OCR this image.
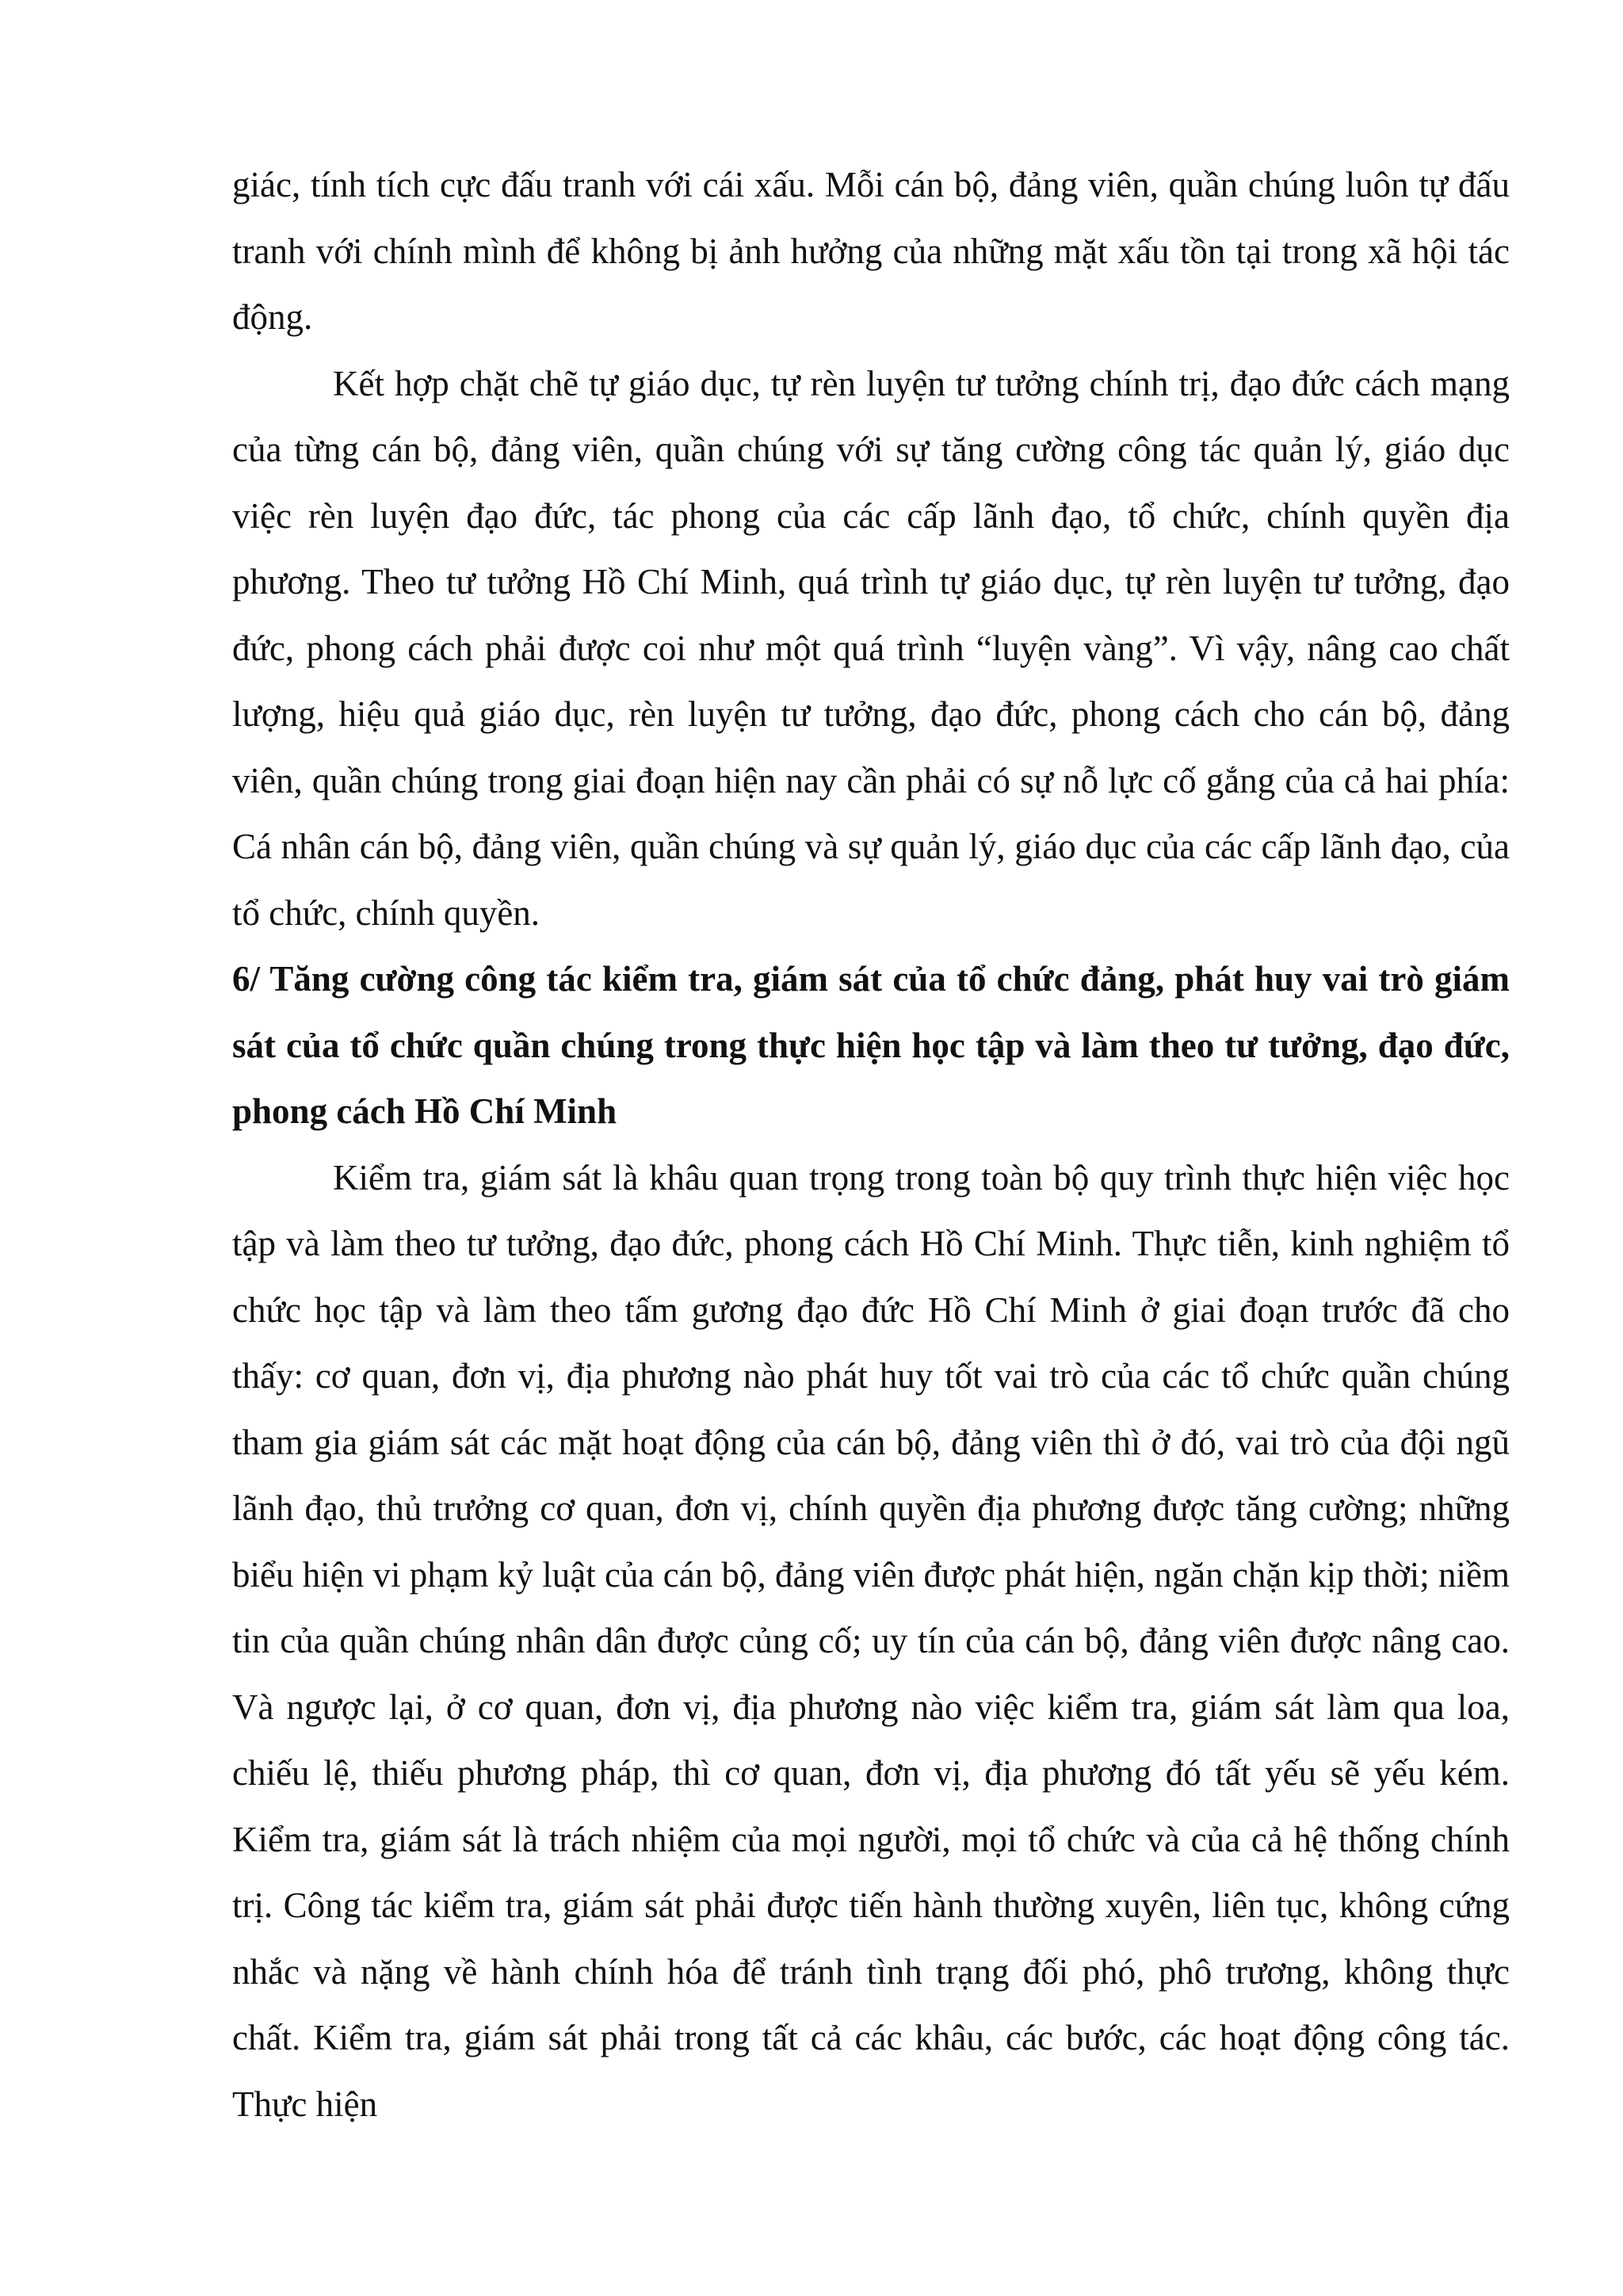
giác, tính tích cực đấu tranh với cái xấu. Mỗi cán bộ, đảng viên, quần chúng luôn tự đấu tranh với chính mình để không bị ảnh hưởng của những mặt xấu tồn tại trong xã hội tác động.

Kết hợp chặt chẽ tự giáo dục, tự rèn luyện tư tưởng chính trị, đạo đức cách mạng của từng cán bộ, đảng viên, quần chúng với sự tăng cường công tác quản lý, giáo dục việc rèn luyện đạo đức, tác phong của các cấp lãnh đạo, tổ chức, chính quyền địa phương. Theo tư tưởng Hồ Chí Minh, quá trình tự giáo dục, tự rèn luyện tư tưởng, đạo đức, phong cách phải được coi như một quá trình “luyện vàng”. Vì vậy, nâng cao chất lượng, hiệu quả giáo dục, rèn luyện tư tưởng, đạo đức, phong cách cho cán bộ, đảng viên, quần chúng trong giai đoạn hiện nay cần phải có sự nỗ lực cố gắng của cả hai phía: Cá nhân cán bộ, đảng viên, quần chúng và sự quản lý, giáo dục của các cấp lãnh đạo, của tổ chức, chính quyền.

6/ Tăng cường công tác kiểm tra, giám sát của tổ chức đảng, phát huy vai trò giám sát của tổ chức quần chúng trong thực hiện học tập và làm theo tư tưởng, đạo đức, phong cách Hồ Chí Minh

Kiểm tra, giám sát là khâu quan trọng trong toàn bộ quy trình thực hiện việc học tập và làm theo tư tưởng, đạo đức, phong cách Hồ Chí Minh. Thực tiễn, kinh nghiệm tổ chức học tập và làm theo tấm gương đạo đức Hồ Chí Minh ở giai đoạn trước đã cho thấy: cơ quan, đơn vị, địa phương nào phát huy tốt vai trò của các tổ chức quần chúng tham gia giám sát các mặt hoạt động của cán bộ, đảng viên thì ở đó, vai trò của đội ngũ lãnh đạo, thủ trưởng cơ quan, đơn vị, chính quyền địa phương được tăng cường; những biểu hiện vi phạm kỷ luật của cán bộ, đảng viên được phát hiện, ngăn chặn kịp thời; niềm tin của quần chúng nhân dân được củng cố; uy tín của cán bộ, đảng viên được nâng cao. Và ngược lại, ở cơ quan, đơn vị, địa phương nào việc kiểm tra, giám sát làm qua loa, chiếu lệ, thiếu phương pháp, thì cơ quan, đơn vị, địa phương đó tất yếu sẽ yếu kém. Kiểm tra, giám sát là trách nhiệm của mọi người, mọi tổ chức và của cả hệ thống chính trị. Công tác kiểm tra, giám sát phải được tiến hành thường xuyên, liên tục, không cứng nhắc và nặng về hành chính hóa để tránh tình trạng đối phó, phô trương, không thực chất. Kiểm tra, giám sát phải trong tất cả các khâu, các bước, các hoạt động công tác. Thực hiện
